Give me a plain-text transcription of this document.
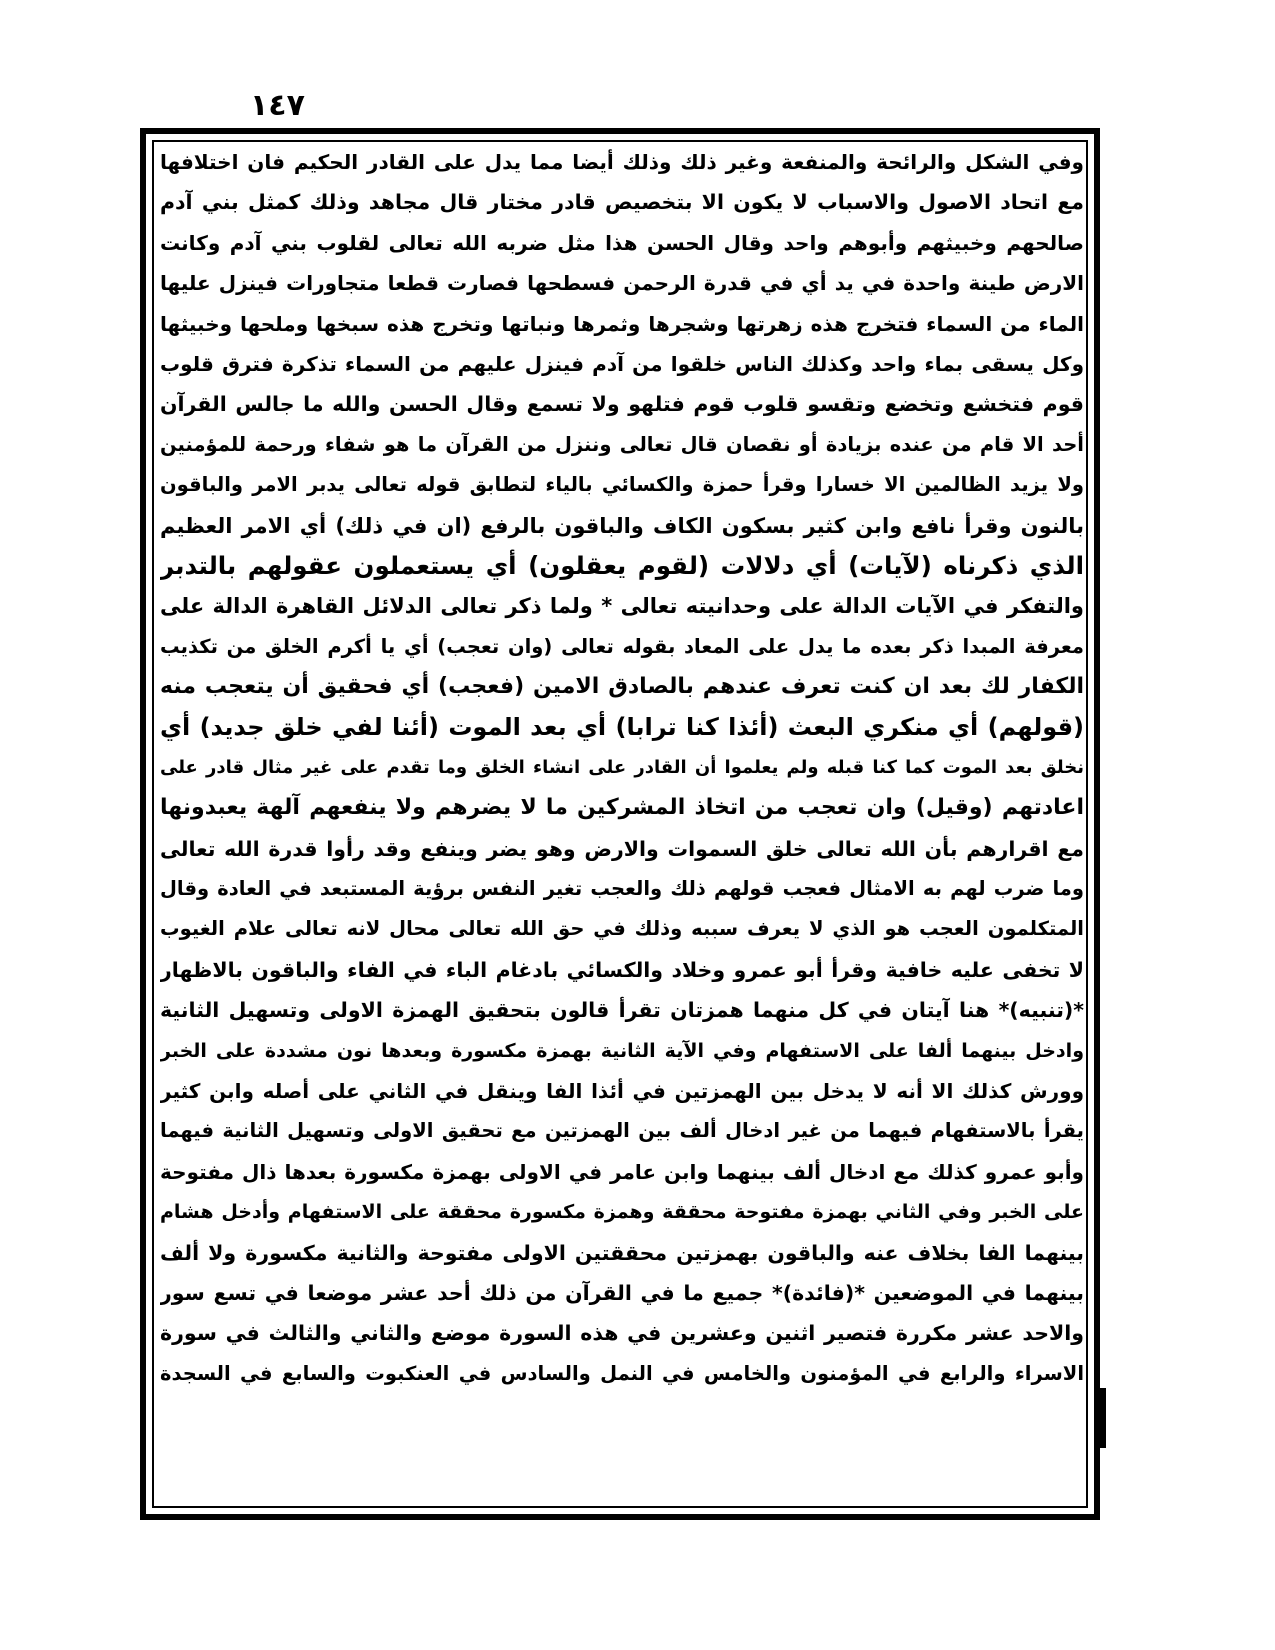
١٤٧
وفي الشكل والرائحة والمنفعة وغير ذلك وذلك أيضا مما يدل على القادر الحكيم فان اختلافها
مع اتحاد الاصول والاسباب لا يكون الا بتخصيص قادر مختار قال مجاهد وذلك كمثل بني آدم
صالحهم وخبيثهم وأبوهم واحد وقال الحسن هذا مثل ضربه الله تعالى لقلوب بني آدم وكانت
الارض طينة واحدة في يد أي في قدرة الرحمن فسطحها فصارت قطعا متجاورات فينزل عليها
الماء من السماء فتخرج هذه زهرتها وشجرها وثمرها ونباتها وتخرج هذه سبخها وملحها وخبيثها
وكل يسقى بماء واحد وكذلك الناس خلقوا من آدم فينزل عليهم من السماء تذكرة فترق قلوب
قوم فتخشع وتخضع وتقسو قلوب قوم فتلهو ولا تسمع وقال الحسن والله ما جالس القرآن
أحد الا قام من عنده بزيادة أو نقصان قال تعالى وننزل من القرآن ما هو شفاء ورحمة للمؤمنين
ولا يزيد الظالمين الا خسارا وقرأ حمزة والكسائي بالياء لتطابق قوله تعالى يدبر الامر والباقون
بالنون وقرأ نافع وابن كثير بسكون الكاف والباقون بالرفع (ان في ذلك) أي الامر العظيم
الذي ذكرناه (لآيات) أي دلالات (لقوم يعقلون) أي يستعملون عقولهم بالتدبر
والتفكر في الآيات الدالة على وحدانيته تعالى * ولما ذكر تعالى الدلائل القاهرة الدالة على
معرفة المبدا ذكر بعده ما يدل على المعاد بقوله تعالى (وان تعجب) أي يا أكرم الخلق من تكذيب
الكفار لك بعد ان كنت تعرف عندهم بالصادق الامين (فعجب) أي فحقيق أن يتعجب منه
(قولهم) أي منكري البعث (أئذا كنا ترابا) أي بعد الموت (أئنا لفي خلق جديد) أي
نخلق بعد الموت كما كنا قبله ولم يعلموا أن القادر على انشاء الخلق وما تقدم على غير مثال قادر على
اعادتهم (وقيل) وان تعجب من اتخاذ المشركين ما لا يضرهم ولا ينفعهم آلهة يعبدونها
مع اقرارهم بأن الله تعالى خلق السموات والارض وهو يضر وينفع وقد رأوا قدرة الله تعالى
وما ضرب لهم به الامثال فعجب قولهم ذلك والعجب تغير النفس برؤية المستبعد في العادة وقال
المتكلمون العجب هو الذي لا يعرف سببه وذلك في حق الله تعالى محال لانه تعالى علام الغيوب
لا تخفى عليه خافية وقرأ أبو عمرو وخلاد والكسائي بادغام الباء في الفاء والباقون بالاظهار
*(تنبيه)* هنا آيتان في كل منهما همزتان تقرأ قالون بتحقيق الهمزة الاولى وتسهيل الثانية
وادخل بينهما ألفا على الاستفهام وفي الآية الثانية بهمزة مكسورة وبعدها نون مشددة على الخبر
وورش كذلك الا أنه لا يدخل بين الهمزتين في أئذا الفا وينقل في الثاني على أصله وابن كثير
يقرأ بالاستفهام فيهما من غير ادخال ألف بين الهمزتين مع تحقيق الاولى وتسهيل الثانية فيهما
وأبو عمرو كذلك مع ادخال ألف بينهما وابن عامر في الاولى بهمزة مكسورة بعدها ذال مفتوحة
على الخبر وفي الثاني بهمزة مفتوحة محققة وهمزة مكسورة محققة على الاستفهام وأدخل هشام
بينهما الفا بخلاف عنه والباقون بهمزتين محققتين الاولى مفتوحة والثانية مكسورة ولا ألف
بينهما في الموضعين *(فائدة)* جميع ما في القرآن من ذلك أحد عشر موضعا في تسع سور
والاحد عشر مكررة فتصير اثنين وعشرين في هذه السورة موضع والثاني والثالث في سورة
الاسراء والرابع في المؤمنون والخامس في النمل والسادس في العنكبوت والسابع في السجدة
